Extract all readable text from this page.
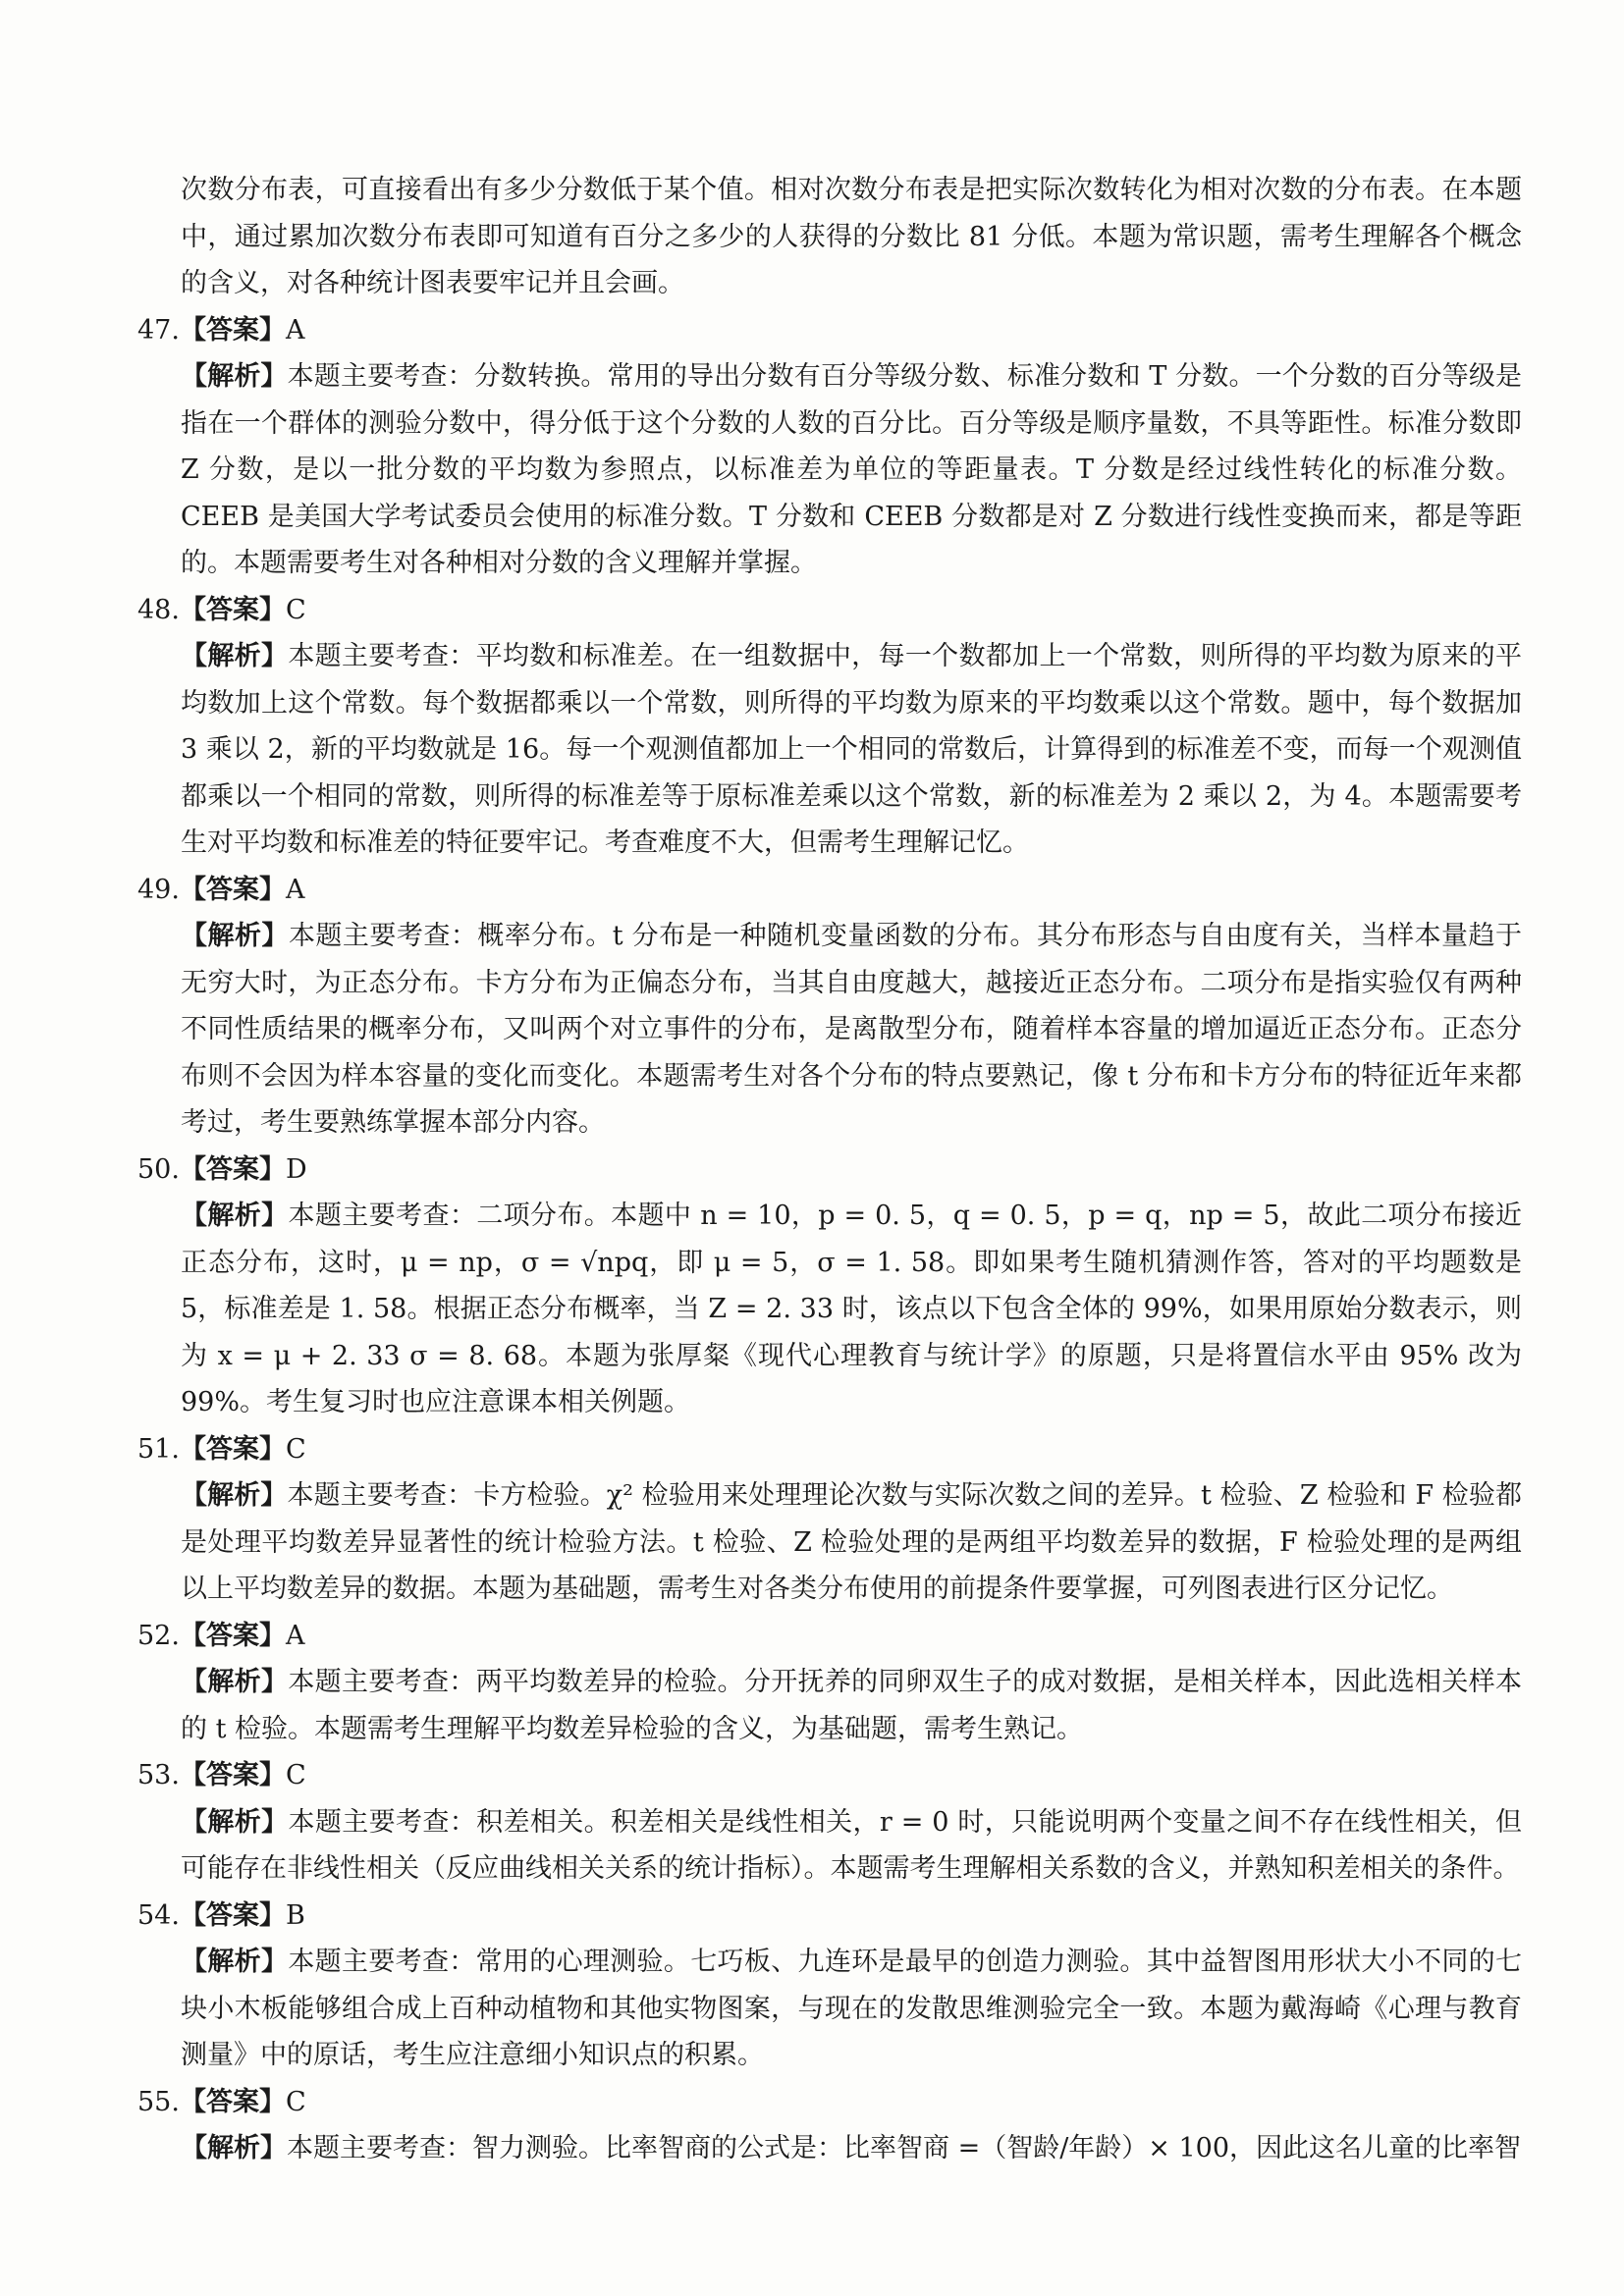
次数分布表，可直接看出有多少分数低于某个值。相对次数分布表是把实际次数转化为相对次数的分布表。在本题中，通过累加次数分布表即可知道有百分之多少的人获得的分数比 81 分低。本题为常识题，需考生理解各个概念的含义，对各种统计图表要牢记并且会画。

47.【答案】A

【解析】本题主要考查：分数转换。常用的导出分数有百分等级分数、标准分数和 T 分数。一个分数的百分等级是指在一个群体的测验分数中，得分低于这个分数的人数的百分比。百分等级是顺序量数，不具等距性。标准分数即 Z 分数，是以一批分数的平均数为参照点，以标准差为单位的等距量表。T 分数是经过线性转化的标准分数。CEEB 是美国大学考试委员会使用的标准分数。T 分数和 CEEB 分数都是对 Z 分数进行线性变换而来，都是等距的。本题需要考生对各种相对分数的含义理解并掌握。

48.【答案】C

【解析】本题主要考查：平均数和标准差。在一组数据中，每一个数都加上一个常数，则所得的平均数为原来的平均数加上这个常数。每个数据都乘以一个常数，则所得的平均数为原来的平均数乘以这个常数。题中，每个数据加 3 乘以 2，新的平均数就是 16。每一个观测值都加上一个相同的常数后，计算得到的标准差不变，而每一个观测值都乘以一个相同的常数，则所得的标准差等于原标准差乘以这个常数，新的标准差为 2 乘以 2，为 4。本题需要考生对平均数和标准差的特征要牢记。考查难度不大，但需考生理解记忆。

49.【答案】A

【解析】本题主要考查：概率分布。t 分布是一种随机变量函数的分布。其分布形态与自由度有关，当样本量趋于无穷大时，为正态分布。卡方分布为正偏态分布，当其自由度越大，越接近正态分布。二项分布是指实验仅有两种不同性质结果的概率分布，又叫两个对立事件的分布，是离散型分布，随着样本容量的增加逼近正态分布。正态分布则不会因为样本容量的变化而变化。本题需考生对各个分布的特点要熟记，像 t 分布和卡方分布的特征近年来都考过，考生要熟练掌握本部分内容。

50.【答案】D

【解析】本题主要考查：二项分布。本题中 n = 10，p = 0. 5，q = 0. 5，p = q，np = 5，故此二项分布接近正态分布，这时，μ = np，σ = √npq，即 μ = 5，σ = 1. 58。即如果考生随机猜测作答，答对的平均题数是 5，标准差是 1. 58。根据正态分布概率，当 Z = 2. 33 时，该点以下包含全体的 99%，如果用原始分数表示，则为 x = μ + 2. 33 σ = 8. 68。本题为张厚粲《现代心理教育与统计学》的原题，只是将置信水平由 95% 改为 99%。考生复习时也应注意课本相关例题。

51.【答案】C

【解析】本题主要考查：卡方检验。χ² 检验用来处理理论次数与实际次数之间的差异。t 检验、Z 检验和 F 检验都是处理平均数差异显著性的统计检验方法。t 检验、Z 检验处理的是两组平均数差异的数据，F 检验处理的是两组以上平均数差异的数据。本题为基础题，需考生对各类分布使用的前提条件要掌握，可列图表进行区分记忆。

52.【答案】A

【解析】本题主要考查：两平均数差异的检验。分开抚养的同卵双生子的成对数据，是相关样本，因此选相关样本的 t 检验。本题需考生理解平均数差异检验的含义，为基础题，需考生熟记。

53.【答案】C

【解析】本题主要考查：积差相关。积差相关是线性相关，r = 0 时，只能说明两个变量之间不存在线性相关，但可能存在非线性相关（反应曲线相关关系的统计指标）。本题需考生理解相关系数的含义，并熟知积差相关的条件。

54.【答案】B

【解析】本题主要考查：常用的心理测验。七巧板、九连环是最早的创造力测验。其中益智图用形状大小不同的七块小木板能够组合成上百种动植物和其他实物图案，与现在的发散思维测验完全一致。本题为戴海崎《心理与教育测量》中的原话，考生应注意细小知识点的积累。

55.【答案】C

【解析】本题主要考查：智力测验。比率智商的公式是：比率智商 =（智龄/年龄）× 100，因此这名儿童的比率智
